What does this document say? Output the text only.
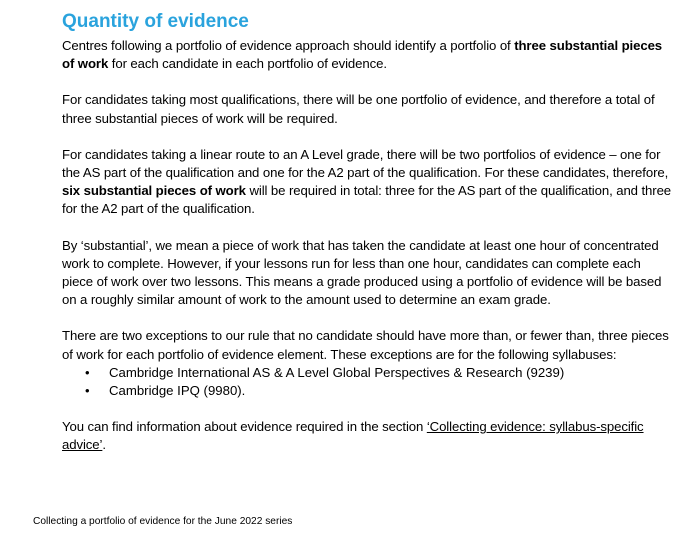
Quantity of evidence

Centres following a portfolio of evidence approach should identify a portfolio of three substantial pieces of work for each candidate in each portfolio of evidence.

For candidates taking most qualifications, there will be one portfolio of evidence, and therefore a total of three substantial pieces of work will be required.

For candidates taking a linear route to an A Level grade, there will be two portfolios of evidence – one for the AS part of the qualification and one for the A2 part of the qualification. For these candidates, therefore, six substantial pieces of work will be required in total: three for the AS part of the qualification, and three for the A2 part of the qualification.

By ‘substantial’, we mean a piece of work that has taken the candidate at least one hour of concentrated work to complete. However, if your lessons run for less than one hour, candidates can complete each piece of work over two lessons. This means a grade produced using a portfolio of evidence will be based on a roughly similar amount of work to the amount used to determine an exam grade.

There are two exceptions to our rule that no candidate should have more than, or fewer than, three pieces of work for each portfolio of evidence element. These exceptions are for the following syllabuses:

•	Cambridge International AS & A Level Global Perspectives & Research (9239)
•	Cambridge IPQ (9980).

You can find information about evidence required in the section ‘Collecting evidence: syllabus-specific advice’.

Collecting a portfolio of evidence for the June 2022 series
